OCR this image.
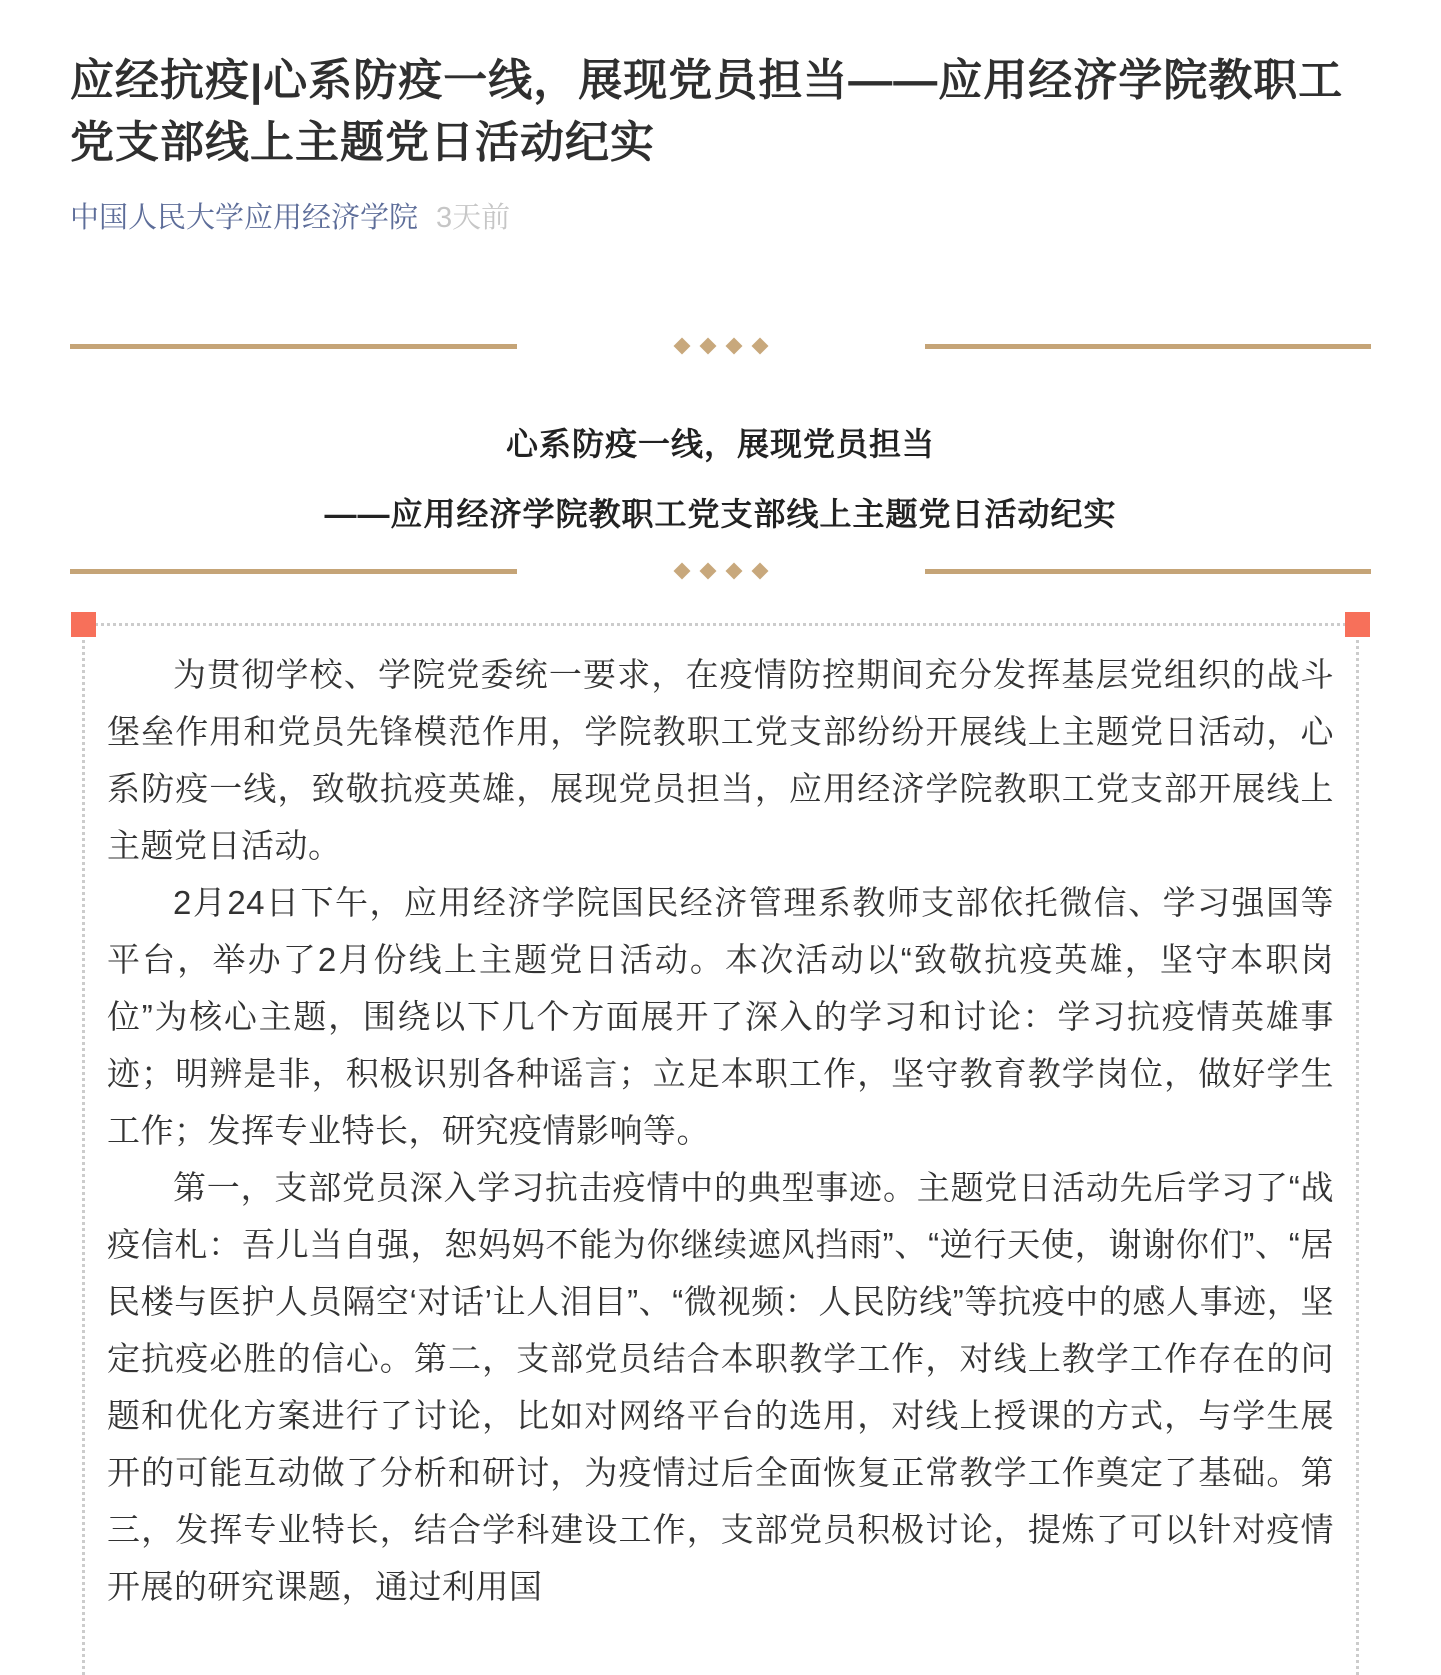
应经抗疫|心系防疫一线，展现党员担当——应用经济学院教职工党支部线上主题党日活动纪实
中国人民大学应用经济学院 3天前
心系防疫一线，展现党员担当
——应用经济学院教职工党支部线上主题党日活动纪实

为贯彻学校、学院党委统一要求，在疫情防控期间充分发挥基层党组织的战斗堡垒作用和党员先锋模范作用，学院教职工党支部纷纷开展线上主题党日活动，心系防疫一线，致敬抗疫英雄，展现党员担当，应用经济学院教职工党支部开展线上主题党日活动。

2月24日下午，应用经济学院国民经济管理系教师支部依托微信、学习强国等平台，举办了2月份线上主题党日活动。本次活动以“致敬抗疫英雄，坚守本职岗位”为核心主题，围绕以下几个方面展开了深入的学习和讨论：学习抗疫情英雄事迹；明辨是非，积极识别各种谣言；立足本职工作，坚守教育教学岗位，做好学生工作；发挥专业特长，研究疫情影响等。

第一，支部党员深入学习抗击疫情中的典型事迹。主题党日活动先后学习了“战疫信札：吾儿当自强，恕妈妈不能为你继续遮风挡雨”、“逆行天使，谢谢你们”、“居民楼与医护人员隔空‘对话’让人泪目”、“微视频：人民防线”等抗疫中的感人事迹，坚定抗疫必胜的信心。第二，支部党员结合本职教学工作，对线上教学工作存在的问题和优化方案进行了讨论，比如对网络平台的选用，对线上授课的方式，与学生展开的可能互动做了分析和研讨，为疫情过后全面恢复正常教学工作奠定了基础。第三，发挥专业特长，结合学科建设工作，支部党员积极讨论，提炼了可以针对疫情开展的研究课题，通过利用国
